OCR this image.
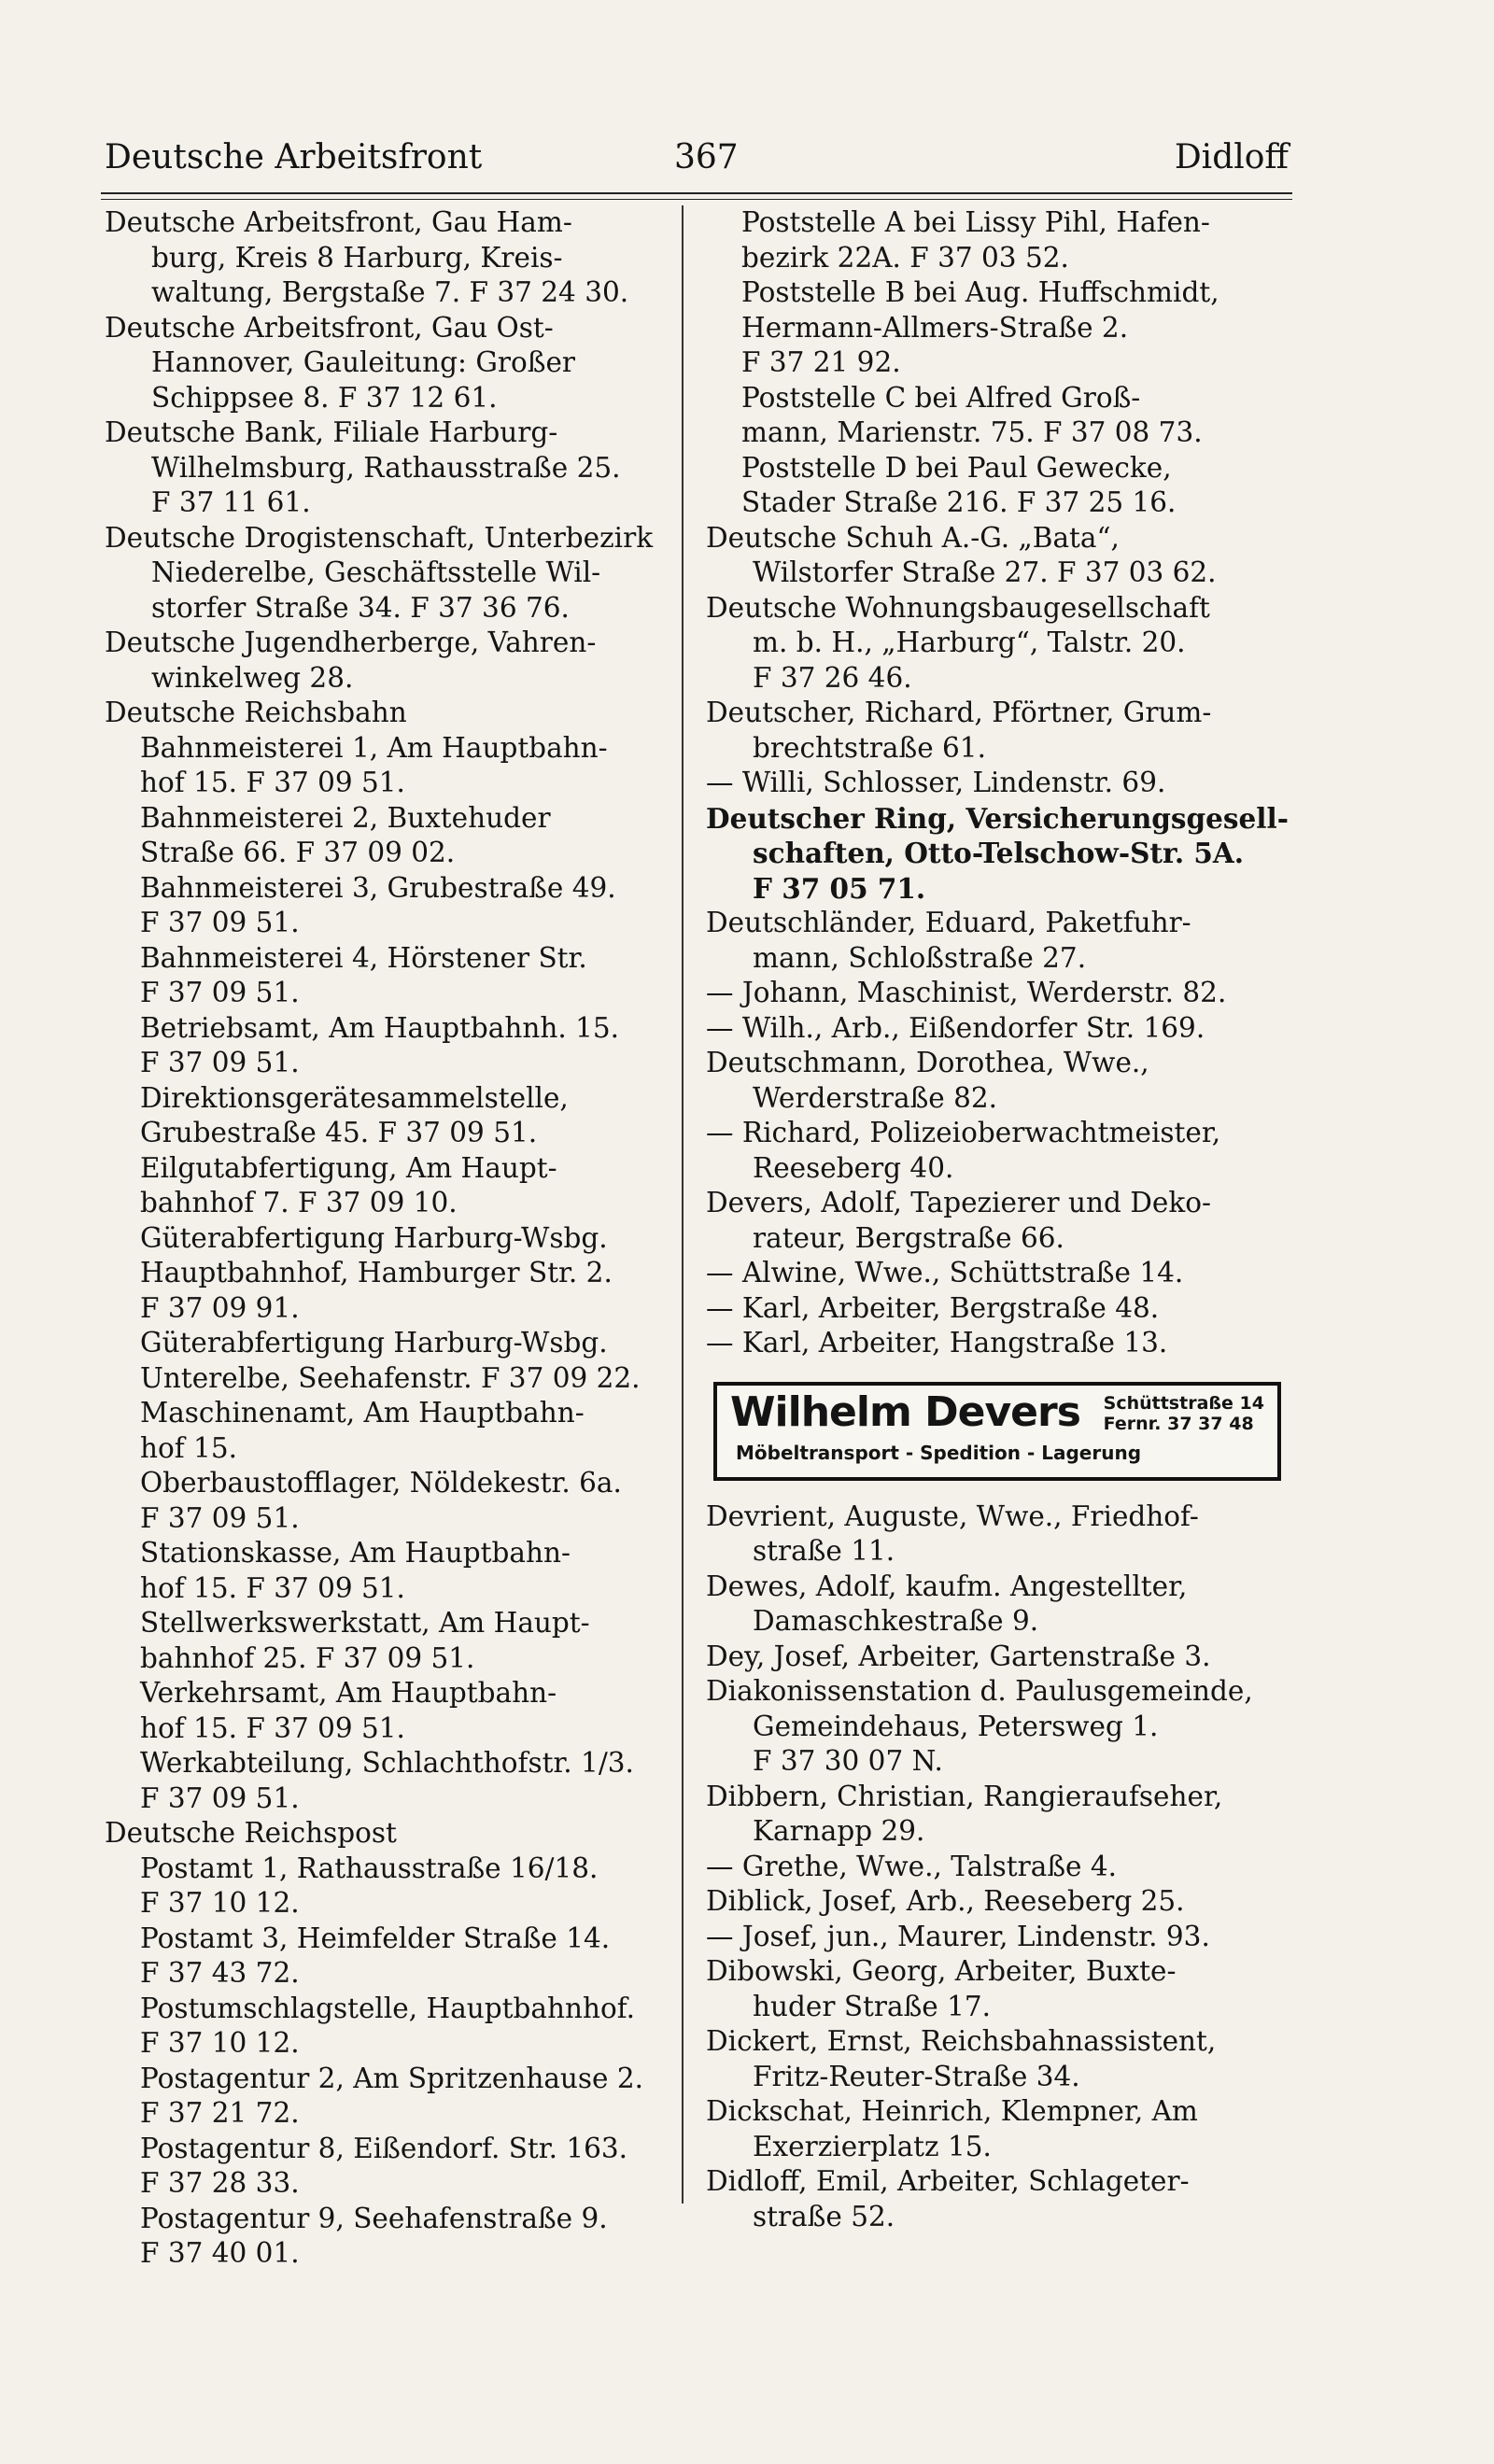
Deutsche Arbeitsfront	367	Didloff
Deutsche Arbeitsfront, Gau Ham-
burg, Kreis 8 Harburg, Kreis-
waltung, Bergstaße 7. F 37 24 30.
Deutsche Arbeitsfront, Gau Ost-
Hannover, Gauleitung: Großer
Schippsee 8. F 37 12 61.
Deutsche Bank, Filiale Harburg-
Wilhelmsburg, Rathausstraße 25.
F 37 11 61.
Deutsche Drogistenschaft, Unterbezirk
Niederelbe, Geschäftsstelle Wil-
storfer Straße 34. F 37 36 76.
Deutsche Jugendherberge, Vahren-
winkelweg 28.
Deutsche Reichsbahn
Bahnmeisterei 1, Am Hauptbahn-
hof 15. F 37 09 51.
Bahnmeisterei 2, Buxtehuder
Straße 66. F 37 09 02.
Bahnmeisterei 3, Grubestraße 49.
F 37 09 51.
Bahnmeisterei 4, Hörstener Str.
F 37 09 51.
Betriebsamt, Am Hauptbahnh. 15.
F 37 09 51.
Direktionsgerätesammelstelle,
Grubestraße 45. F 37 09 51.
Eilgutabfertigung, Am Haupt-
bahnhof 7. F 37 09 10.
Güterabfertigung Harburg-Wsbg.
Hauptbahnhof, Hamburger Str. 2.
F 37 09 91.
Güterabfertigung Harburg-Wsbg.
Unterelbe, Seehafenstr. F 37 09 22.
Maschinenamt, Am Hauptbahn-
hof 15.
Oberbaustofflager, Nöldekestr. 6a.
F 37 09 51.
Stationskasse, Am Hauptbahn-
hof 15. F 37 09 51.
Stellwerkswerkstatt, Am Haupt-
bahnhof 25. F 37 09 51.
Verkehrsamt, Am Hauptbahn-
hof 15. F 37 09 51.
Werkabteilung, Schlachthofstr. 1/3.
F 37 09 51.
Deutsche Reichspost
Postamt 1, Rathausstraße 16/18.
F 37 10 12.
Postamt 3, Heimfelder Straße 14.
F 37 43 72.
Postumschlagstelle, Hauptbahnhof.
F 37 10 12.
Postagentur 2, Am Spritzenhause 2.
F 37 21 72.
Postagentur 8, Eißendorf. Str. 163.
F 37 28 33.
Postagentur 9, Seehafenstraße 9.
F 37 40 01.
Poststelle A bei Lissy Pihl, Hafen-
bezirk 22A. F 37 03 52.
Poststelle B bei Aug. Huffschmidt,
Hermann-Allmers-Straße 2.
F 37 21 92.
Poststelle C bei Alfred Groß-
mann, Marienstr. 75. F 37 08 73.
Poststelle D bei Paul Gewecke,
Stader Straße 216. F 37 25 16.
Deutsche Schuh A.-G. „Bata“,
Wilstorfer Straße 27. F 37 03 62.
Deutsche Wohnungsbaugesellschaft
m. b. H., „Harburg“, Talstr. 20.
F 37 26 46.
Deutscher, Richard, Pförtner, Grum-
brechtstraße 61.
— Willi, Schlosser, Lindenstr. 69.
Deutscher Ring, Versicherungsgesell-
schaften, Otto-Telschow-Str. 5A.
F 37 05 71.
Deutschländer, Eduard, Paketfuhr-
mann, Schloßstraße 27.
— Johann, Maschinist, Werderstr. 82.
— Wilh., Arb., Eißendorfer Str. 169.
Deutschmann, Dorothea, Wwe.,
Werderstraße 82.
— Richard, Polizeioberwachtmeister,
Reeseberg 40.
Devers, Adolf, Tapezierer und Deko-
rateur, Bergstraße 66.
— Alwine, Wwe., Schüttstraße 14.
— Karl, Arbeiter, Bergstraße 48.
— Karl, Arbeiter, Hangstraße 13.
Wilhelm Devers Schüttstraße 14
Fernr. 37 37 48
Möbeltransport - Spedition - Lagerung
Devrient, Auguste, Wwe., Friedhof-
straße 11.
Dewes, Adolf, kaufm. Angestellter,
Damaschkestraße 9.
Dey, Josef, Arbeiter, Gartenstraße 3.
Diakonissenstation d. Paulusgemeinde,
Gemeindehaus, Petersweg 1.
F 37 30 07 N.
Dibbern, Christian, Rangieraufseher,
Karnapp 29.
— Grethe, Wwe., Talstraße 4.
Diblick, Josef, Arb., Reeseberg 25.
— Josef, jun., Maurer, Lindenstr. 93.
Dibowski, Georg, Arbeiter, Buxte-
huder Straße 17.
Dickert, Ernst, Reichsbahnassistent,
Fritz-Reuter-Straße 34.
Dickschat, Heinrich, Klempner, Am
Exerzierplatz 15.
Didloff, Emil, Arbeiter, Schlageter-
straße 52.
